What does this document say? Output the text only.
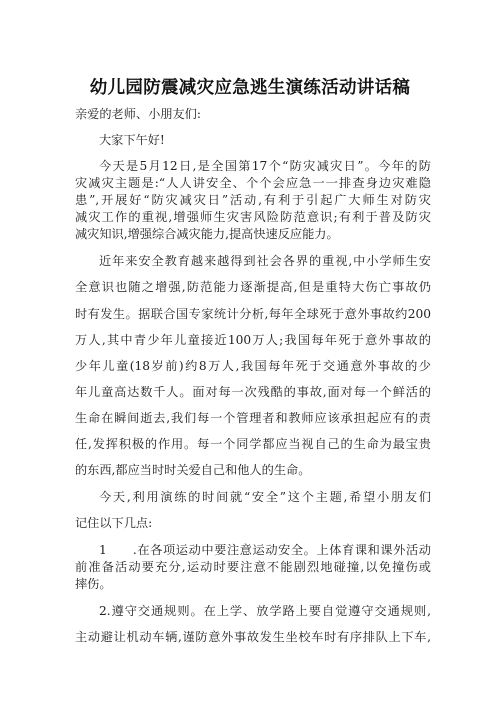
幼儿园防震减灾应急逃生演练活动讲话稿
亲爱的老师、小朋友们:
大家下午好!
今天是5月12日,是全国第17个“防灾减灾日”。今年的防
灾减灾主题是:“人人讲安全、个个会应急一一排查身边灾难隐
患”,开展好“防灾减灾日”活动,有利于引起广大师生对防灾
减灾工作的重视,增强师生灾害风险防范意识;有利于普及防灾
减灾知识,增强综合减灾能力,提高快速反应能力。
近年来安全教育越来越得到社会各界的重视,中小学师生安
全意识也随之增强,防范能力逐渐提高,但是重特大伤亡事故仍
时有发生。据联合国专家统计分析,每年全球死于意外事故约200
万人,其中青少年儿童接近100万人;我国每年死于意外事故的
少年儿童(18岁前)约8万人,我国每年死于交通意外事故的少
年儿童高达数千人。面对每一次残酷的事故,面对每一个鲜活的
生命在瞬间逝去,我们每一个管理者和教师应该承担起应有的责
任,发挥积极的作用。每一个同学都应当视自己的生命为最宝贵
的东西,都应当时时关爱自己和他人的生命。
今天,利用演练的时间就“安全”这个主题,希望小朋友们
记住以下几点:
1　　.在各项运动中要注意运动安全。上体育课和课外活动
前准备活动要充分,运动时要注意不能剧烈地碰撞,以免撞伤或
摔伤。
2.遵守交通规则。在上学、放学路上要自觉遵守交通规则,
主动避让机动车辆,谨防意外事故发生坐校车时有序排队上下车,
